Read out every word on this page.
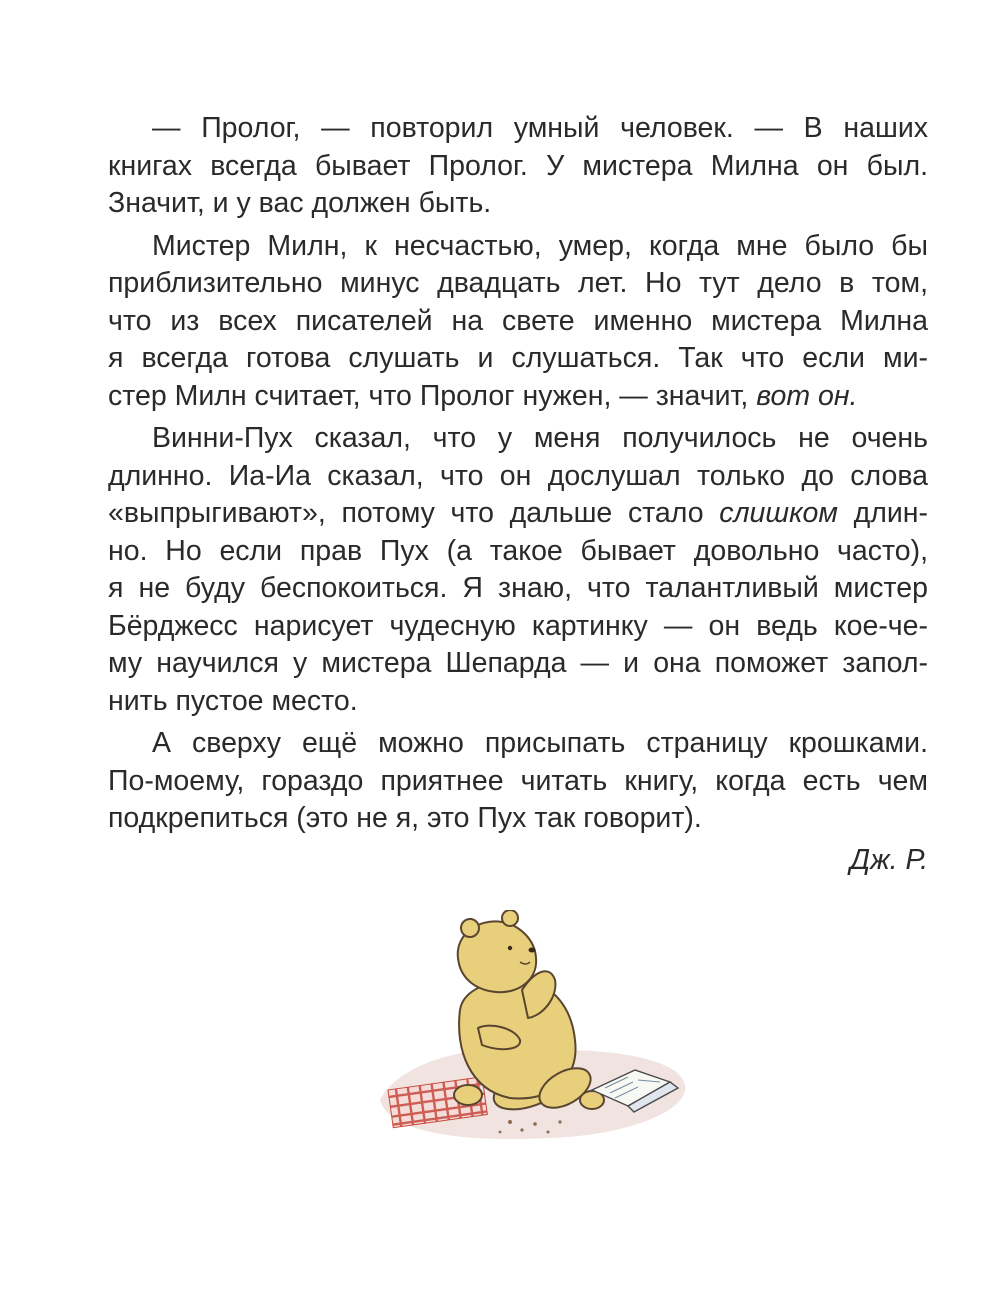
— Пролог, — повторил умный человек. — В наших
книгах всегда бывает Пролог. У мистера Милна он был.
Значит, и у вас должен быть.
Мистер Милн, к несчастью, умер, когда мне было бы
приблизительно минус двадцать лет. Но тут дело в том,
что из всех писателей на свете именно мистера Милна
я всегда готова слушать и слушаться. Так что если ми-
стер Милн считает, что Пролог нужен, — значит, вот он.
Винни-Пух сказал, что у меня получилось не очень
длинно. Иа-Иа сказал, что он дослушал только до слова
«выпрыгивают», потому что дальше стало слишком длин-
но. Но если прав Пух (а такое бывает довольно часто),
я не буду беспокоиться. Я знаю, что талантливый мистер
Бёрджесс нарисует чудесную картинку — он ведь кое-че-
му научился у мистера Шепарда — и она поможет запол-
нить пустое место.
А сверху ещё можно присыпать страницу крошками.
По-моему, гораздо приятнее читать книгу, когда есть чем
подкрепиться (это не я, это Пух так говорит).
Дж. Р.
